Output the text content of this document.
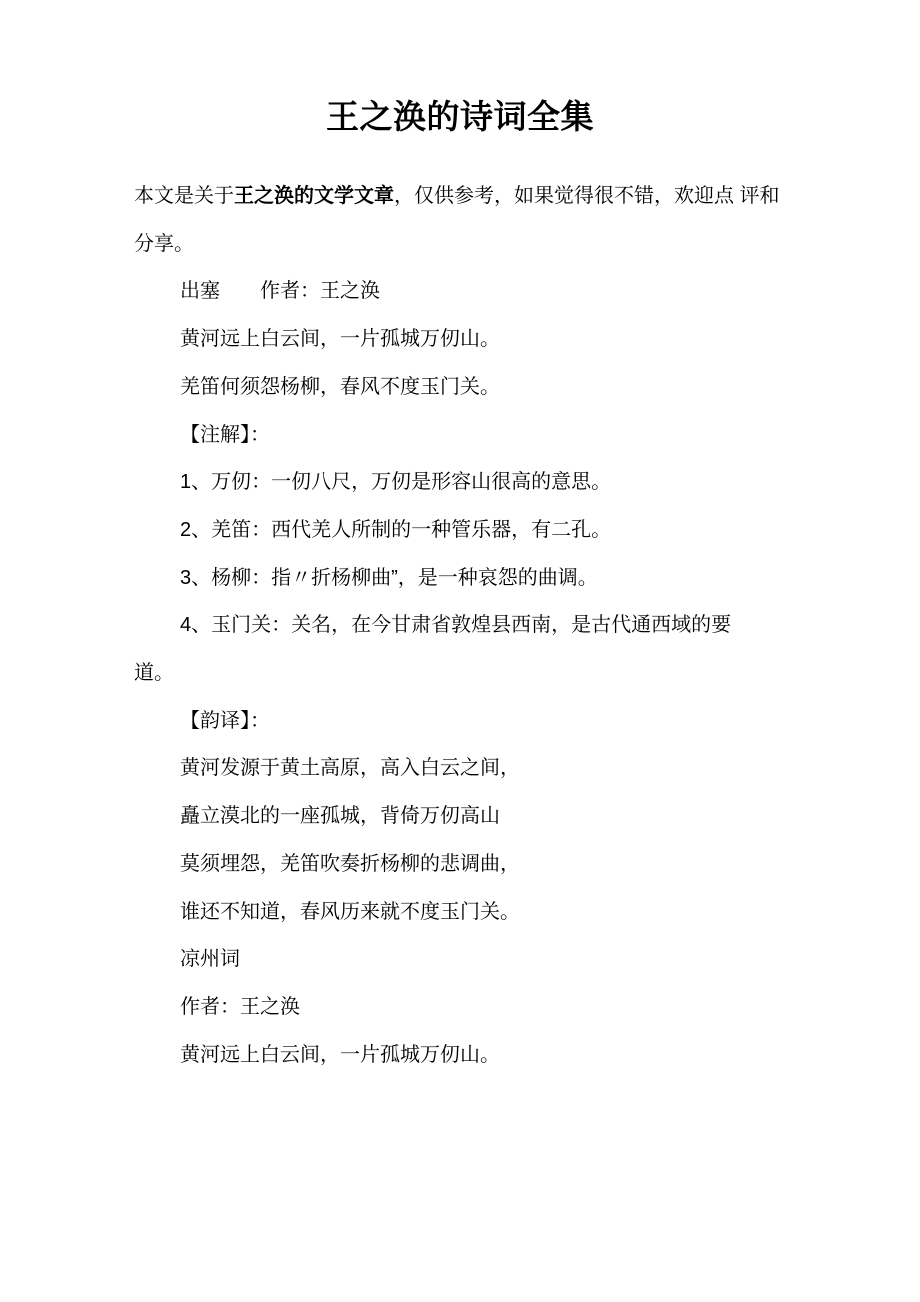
王之涣的诗词全集
本文是关于王之涣的文学文章，仅供参考，如果觉得很不错，欢迎点 评和
分享。
出塞　　作者：王之涣
黄河远上白云间，一片孤城万仞山。
羌笛何须怨杨柳，春风不度玉门关。
【注解】：
1、万仞：一仞八尺，万仞是形容山很高的意思。
2、羌笛：西代羌人所制的一种管乐器，有二孔。
3、杨柳：指〃折杨柳曲”，是一种哀怨的曲调。
4、玉门关：关名，在今甘肃省敦煌县西南，是古代通西域的要
道。
【韵译】：
黄河发源于黄土高原，高入白云之间，
矗立漠北的一座孤城，背倚万仞高山
莫须埋怨，羌笛吹奏折杨柳的悲调曲，
谁还不知道，春风历来就不度玉门关。
凉州词
作者：王之涣
黄河远上白云间，一片孤城万仞山。
